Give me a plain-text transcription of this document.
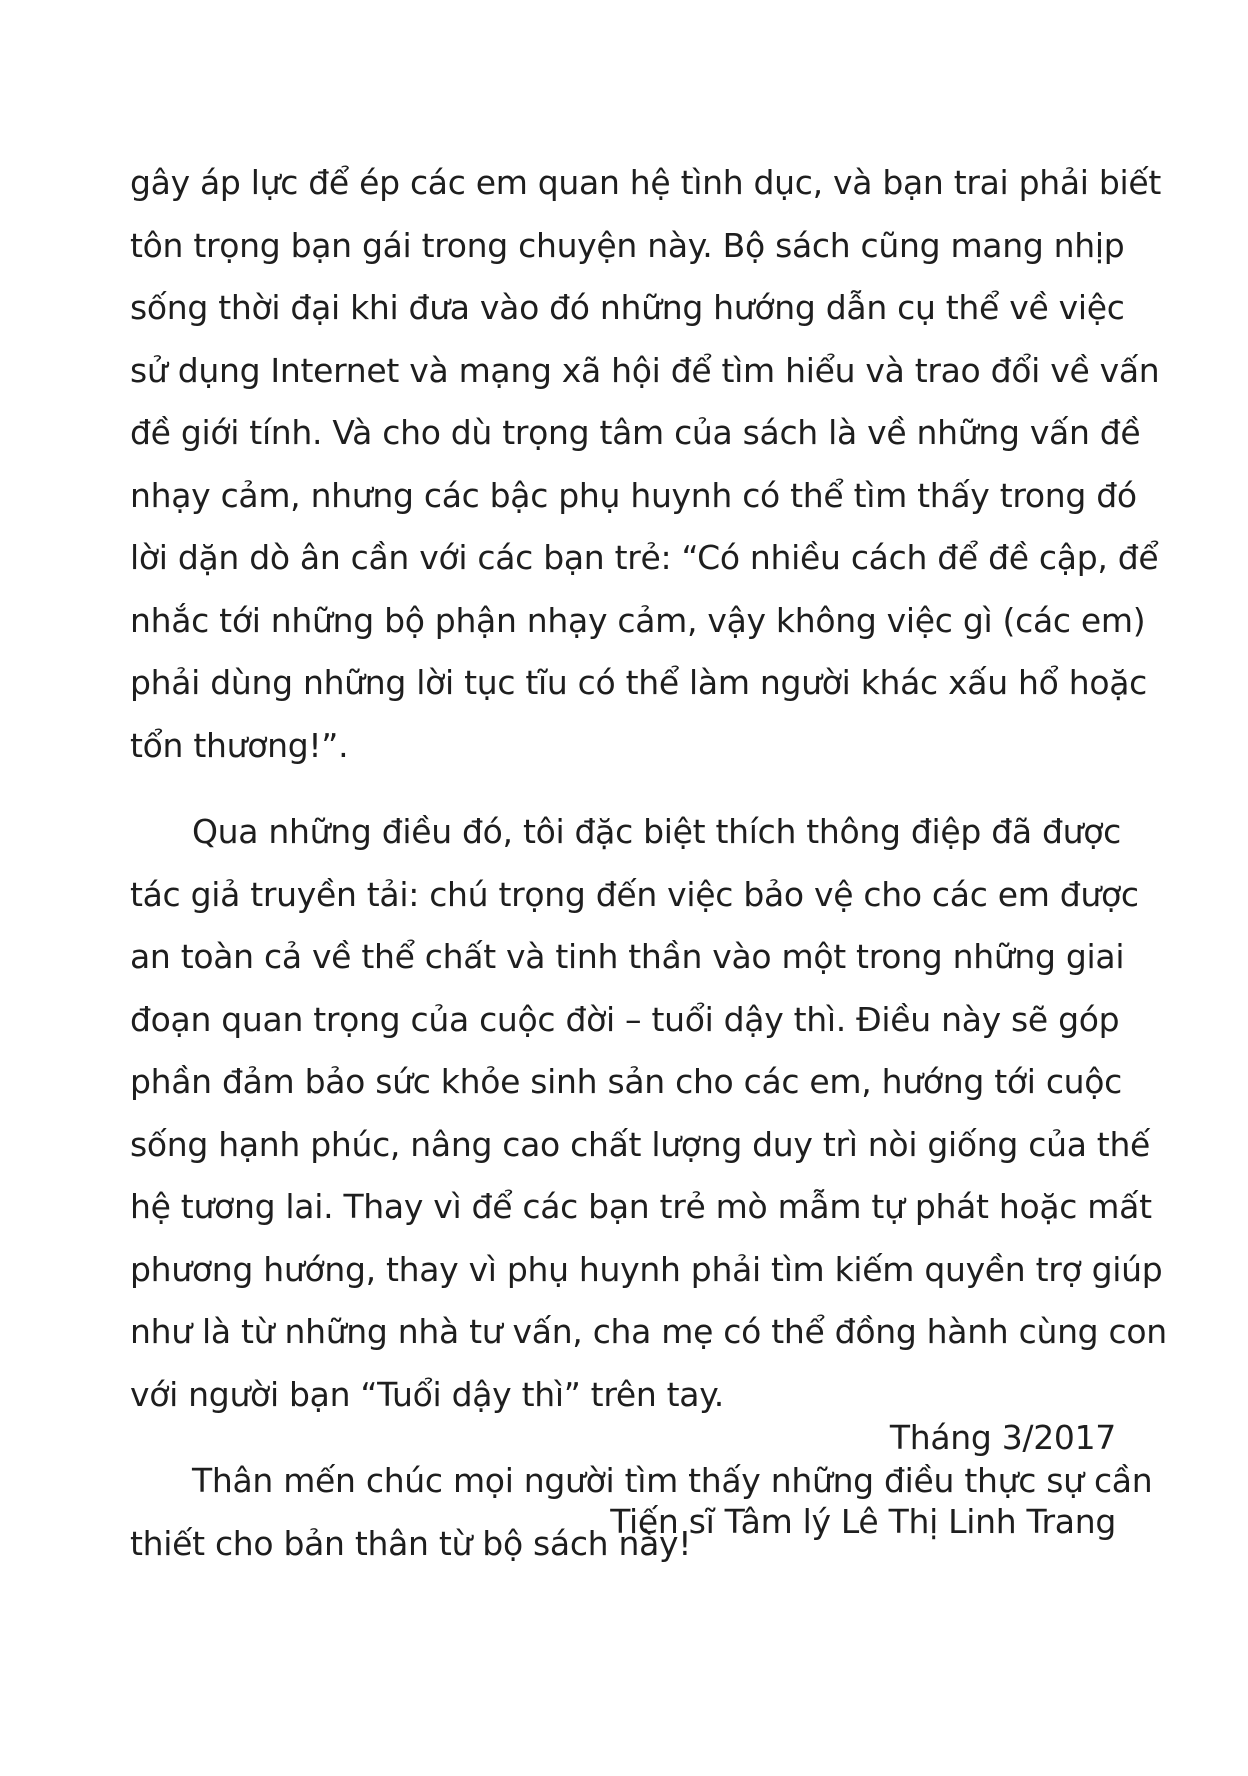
gây áp lực để ép các em quan hệ tình dục, và bạn trai phải biết
tôn trọng bạn gái trong chuyện này. Bộ sách cũng mang nhịp
sống thời đại khi đưa vào đó những hướng dẫn cụ thể về việc
sử dụng Internet và mạng xã hội để tìm hiểu và trao đổi về vấn
đề giới tính. Và cho dù trọng tâm của sách là về những vấn đề
nhạy cảm, nhưng các bậc phụ huynh có thể tìm thấy trong đó
lời dặn dò ân cần với các bạn trẻ: “Có nhiều cách để đề cập, để
nhắc tới những bộ phận nhạy cảm, vậy không việc gì (các em)
phải dùng những lời tục tĩu có thể làm người khác xấu hổ hoặc
tổn thương!”.

Qua những điều đó, tôi đặc biệt thích thông điệp đã được
tác giả truyền tải: chú trọng đến việc bảo vệ cho các em được
an toàn cả về thể chất và tinh thần vào một trong những giai
đoạn quan trọng của cuộc đời – tuổi dậy thì. Điều này sẽ góp
phần đảm bảo sức khỏe sinh sản cho các em, hướng tới cuộc
sống hạnh phúc, nâng cao chất lượng duy trì nòi giống của thế
hệ tương lai. Thay vì để các bạn trẻ mò mẫm tự phát hoặc mất
phương hướng, thay vì phụ huynh phải tìm kiếm quyền trợ giúp
như là từ những nhà tư vấn, cha mẹ có thể đồng hành cùng con
với người bạn “Tuổi dậy thì” trên tay.

Thân mến chúc mọi người tìm thấy những điều thực sự cần
thiết cho bản thân từ bộ sách này!

Tháng 3/2017
Tiến sĩ Tâm lý Lê Thị Linh Trang
